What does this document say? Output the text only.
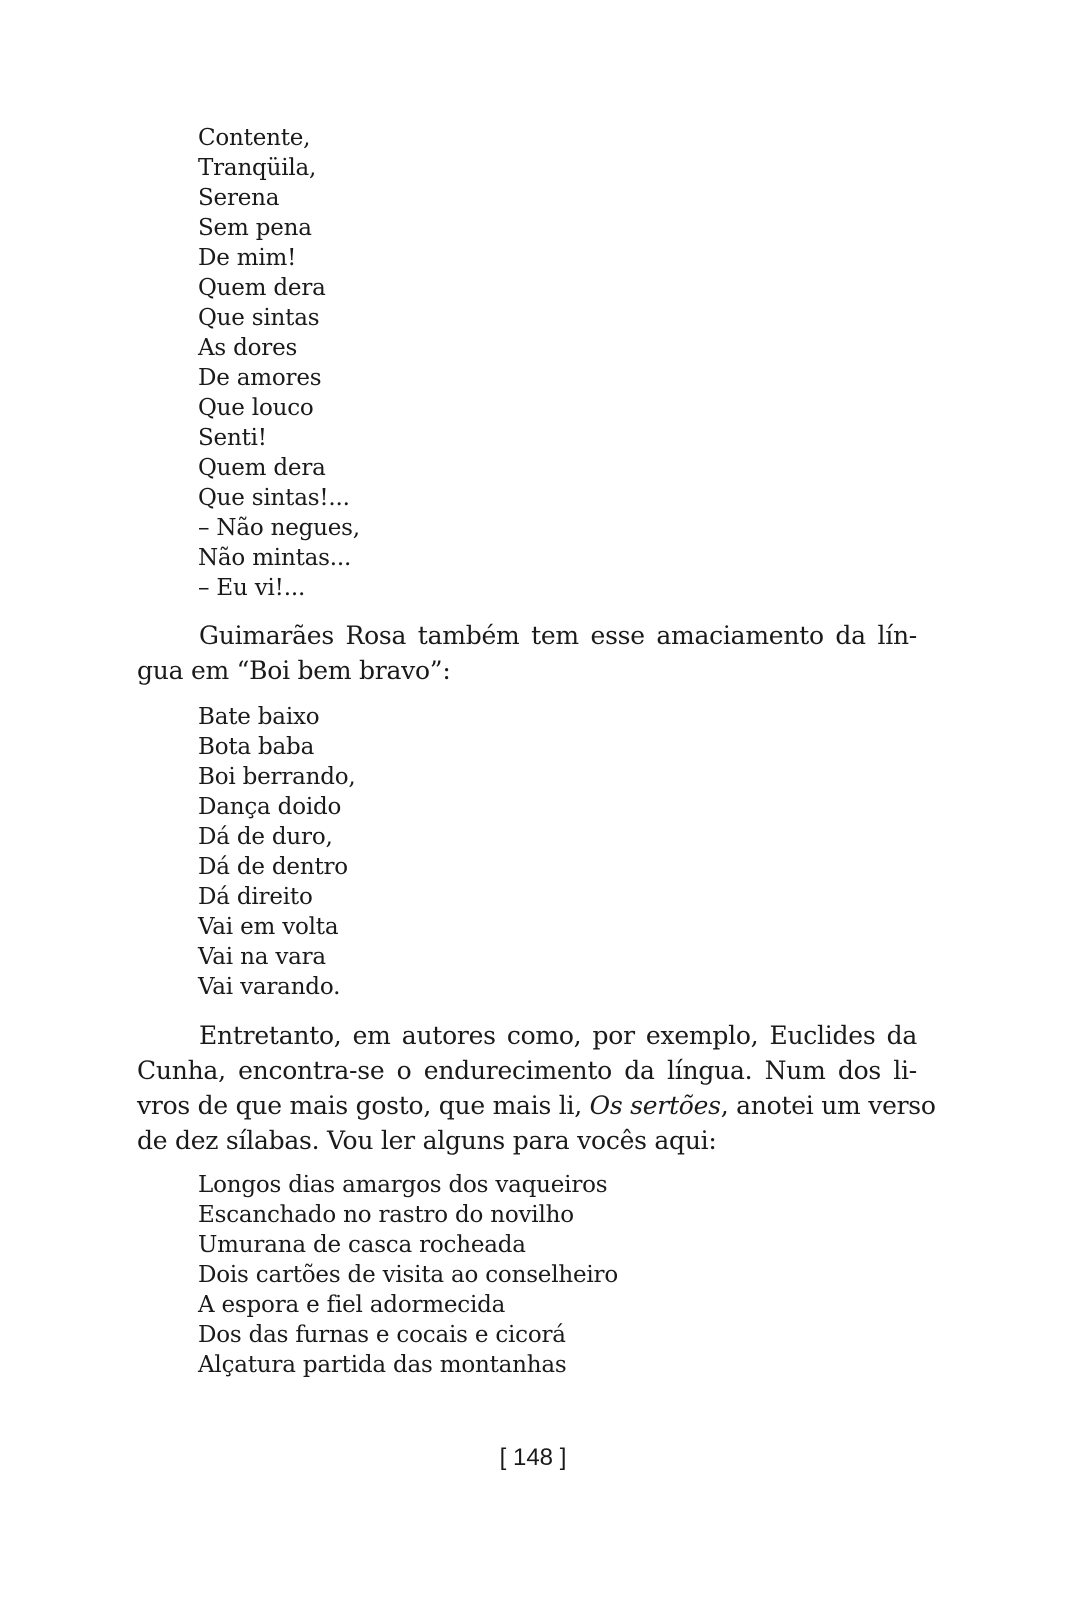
Contente,
Tranqüila,
Serena
Sem pena
De mim!
Quem dera
Que sintas
As dores
De amores
Que louco
Senti!
Quem dera
Que sintas!...
– Não negues,
Não mintas...
– Eu vi!...

Guimarães Rosa também tem esse amaciamento da lín-
gua em “Boi bem bravo”:

Bate baixo
Bota baba
Boi berrando,
Dança doido
Dá de duro,
Dá de dentro
Dá direito
Vai em volta
Vai na vara
Vai varando.

Entretanto, em autores como, por exemplo, Euclides da
Cunha, encontra-se o endurecimento da língua. Num dos li-
vros de que mais gosto, que mais li, Os sertões, anotei um verso
de dez sílabas. Vou ler alguns para vocês aqui:

Longos dias amargos dos vaqueiros
Escanchado no rastro do novilho
Umurana de casca rocheada
Dois cartões de visita ao conselheiro
A espora e fiel adormecida
Dos das furnas e cocais e cicorá
Alçatura partida das montanhas
[ 148 ]
